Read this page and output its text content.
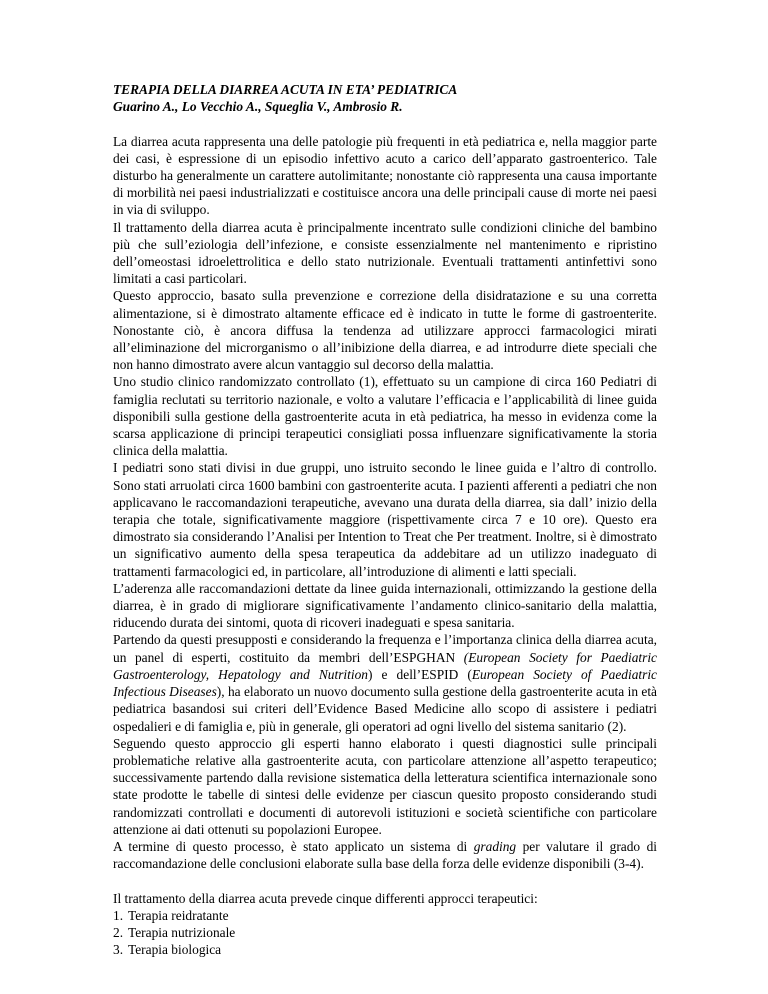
TERAPIA DELLA DIARREA ACUTA IN ETA’ PEDIATRICA

Guarino A., Lo Vecchio A., Squeglia V., Ambrosio R.

La diarrea acuta rappresenta una delle patologie più frequenti in età pediatrica e, nella maggior parte dei casi, è espressione di un episodio infettivo acuto a carico dell’apparato gastroenterico. Tale disturbo ha generalmente un carattere autolimitante; nonostante ciò rappresenta una causa importante di morbilità nei paesi industrializzati e costituisce ancora una delle principali cause di morte nei paesi in via di sviluppo.

Il trattamento della diarrea acuta è principalmente incentrato sulle condizioni cliniche del bambino più che sull’eziologia dell’infezione, e consiste essenzialmente nel mantenimento e ripristino dell’omeostasi idroelettrolitica e dello stato nutrizionale. Eventuali trattamenti antinfettivi sono limitati a casi particolari.

Questo approccio, basato sulla prevenzione e correzione della disidratazione e su una corretta alimentazione, si è dimostrato altamente efficace ed è indicato in tutte le forme di gastroenterite. Nonostante ciò, è ancora diffusa la tendenza ad utilizzare approcci farmacologici mirati all’eliminazione del microrganismo o all’inibizione della diarrea, e ad introdurre diete speciali che non hanno dimostrato avere alcun vantaggio sul decorso della malattia.

Uno studio clinico randomizzato controllato (1), effettuato su un campione di circa 160 Pediatri di famiglia reclutati su territorio nazionale, e volto a valutare l’efficacia e l’applicabilità di linee guida disponibili sulla gestione della gastroenterite acuta in età pediatrica, ha messo in evidenza come la scarsa applicazione di principi terapeutici consigliati possa influenzare significativamente la storia clinica della malattia.

I pediatri sono stati divisi in due gruppi, uno istruito secondo le linee guida e l’altro di controllo. Sono stati arruolati circa 1600 bambini con gastroenterite acuta. I pazienti afferenti a pediatri che non applicavano le raccomandazioni terapeutiche, avevano una durata della diarrea, sia dall’ inizio della terapia che totale, significativamente maggiore (rispettivamente circa 7 e 10 ore). Questo era dimostrato sia considerando l’Analisi per Intention to Treat che Per treatment. Inoltre, si è dimostrato un significativo aumento della spesa terapeutica da addebitare ad un utilizzo inadeguato di trattamenti farmacologici ed, in particolare, all’introduzione di alimenti e latti speciali.

L’aderenza alle raccomandazioni dettate da linee guida internazionali, ottimizzando la gestione della diarrea, è in grado di migliorare significativamente l’andamento clinico-sanitario della malattia, riducendo durata dei sintomi, quota di ricoveri inadeguati e spesa sanitaria.

Partendo da questi presupposti e considerando la frequenza e l’importanza clinica della diarrea acuta, un panel di esperti, costituito da membri dell’ESPGHAN (European Society for Paediatric Gastroenterology, Hepatology and Nutrition) e dell’ESPID (European Society of Paediatric Infectious Diseases), ha elaborato un nuovo documento sulla gestione della gastroenterite acuta in età pediatrica basandosi sui criteri dell’Evidence Based Medicine allo scopo di assistere i pediatri ospedalieri e di famiglia e, più in generale, gli operatori ad ogni livello del sistema sanitario (2).

Seguendo questo approccio gli esperti hanno elaborato i questi diagnostici sulle principali problematiche relative alla gastroenterite acuta, con particolare attenzione all’aspetto terapeutico; successivamente partendo dalla revisione sistematica della letteratura scientifica internazionale sono state prodotte le tabelle di sintesi delle evidenze per ciascun quesito proposto considerando studi randomizzati controllati e documenti di autorevoli istituzioni e società scientifiche con particolare attenzione ai dati ottenuti su popolazioni Europee.

A termine di questo processo, è stato applicato un sistema di grading per valutare il grado di raccomandazione delle conclusioni elaborate sulla base della forza delle evidenze disponibili (3-4).

Il trattamento della diarrea acuta prevede cinque differenti approcci terapeutici:

1. Terapia reidratante
2. Terapia nutrizionale
3. Terapia biologica
